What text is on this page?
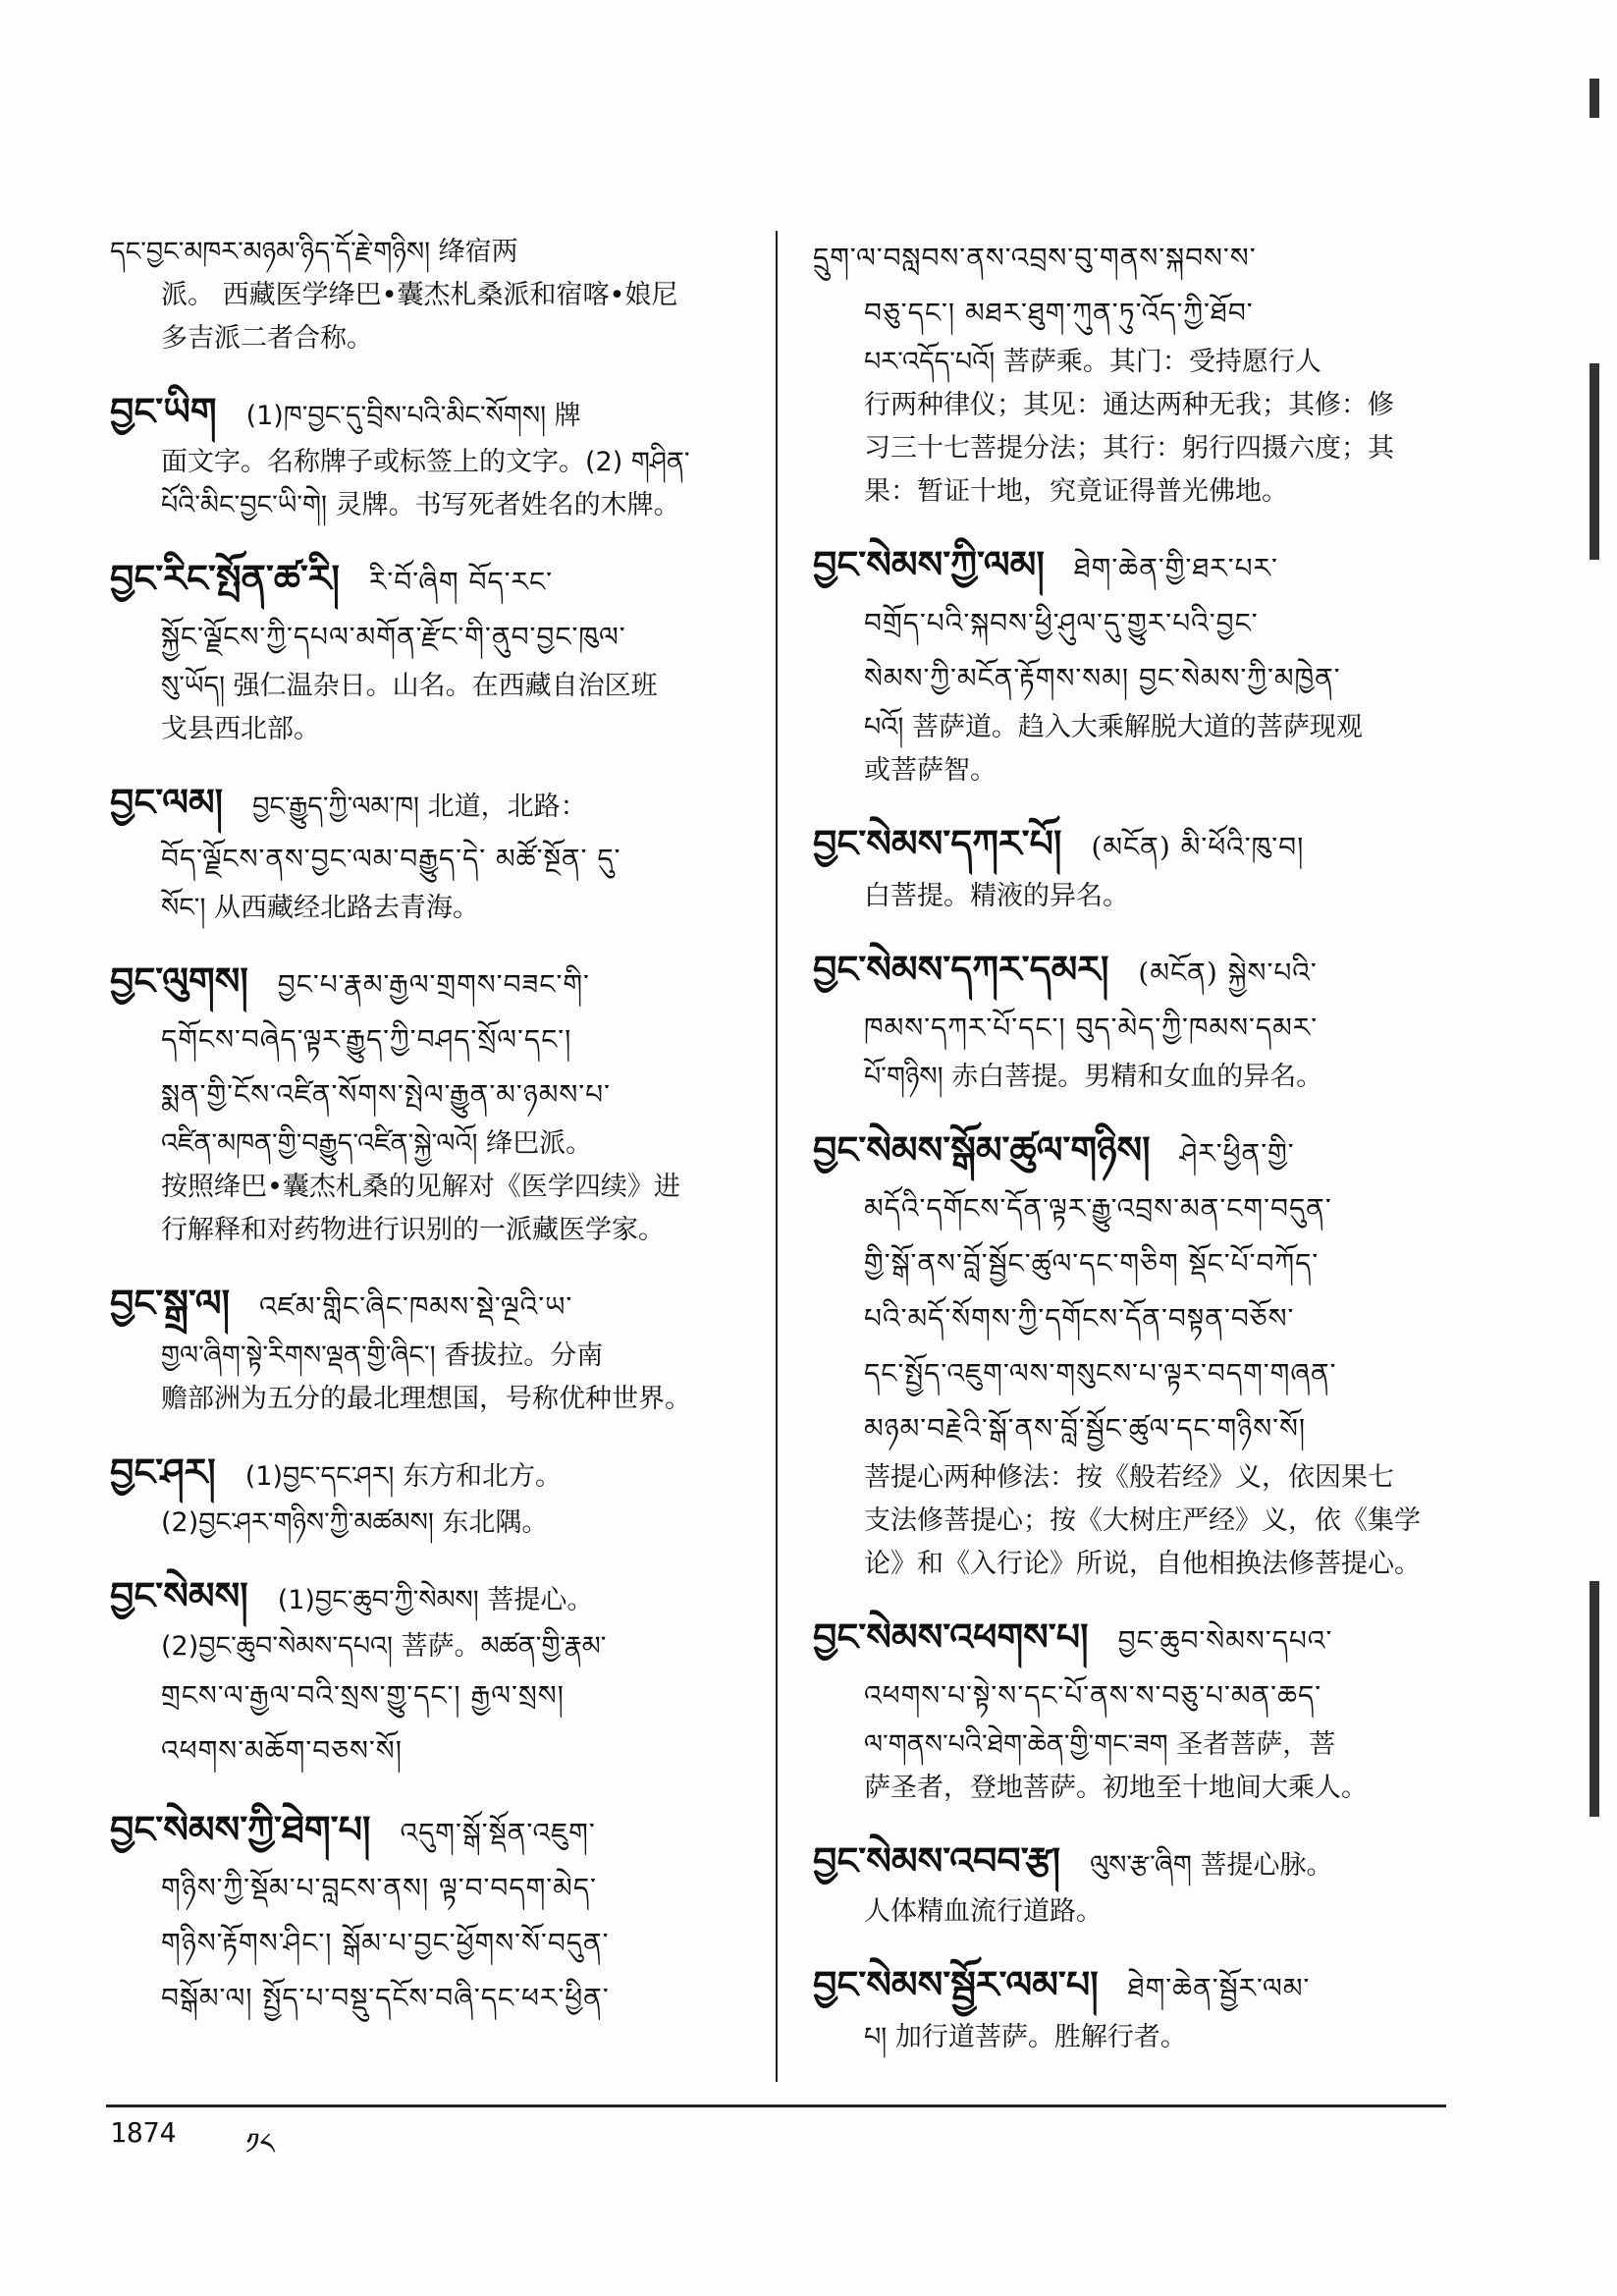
དང་བྱང་མཁར་མཉམ་ཉིད་དོ་རྗེ་གཉིས། 绛宿两
派。 西藏医学绛巴•囊杰札桑派和宿喀•娘尼
多吉派二者合称。
བྱང་ཡིག (1)ཁ་བྱང་དུ་བྲིས་པའི་མིང་སོགས། 牌
面文字。名称牌子或标签上的文字。(2) གཤིན་
པོའི་མིང་བྱང་ཡི་གེ། 灵牌。书写死者姓名的木牌。
བྱང་རིང་སྤོན་ཚ་རི། རི་བོ་ཞིག བོད་རང་
སྐྱོང་ལྗོངས་ཀྱི་དཔལ་མགོན་རྫོང་གི་ནུབ་བྱང་ཁུལ་
སུ་ཡོད། 强仁温杂日。山名。在西藏自治区班
戈县西北部。
བྱང་ལམ། བྱང་རྒྱུད་ཀྱི་ལམ་ཁ། 北道，北路：
བོད་ལྗོངས་ནས་བྱང་ལམ་བརྒྱུད་དེ་ མཚོ་སྔོན་ དུ་
སོང་། 从西藏经北路去青海。
བྱང་ལུགས། བྱང་པ་རྣམ་རྒྱལ་གྲགས་བཟང་གི་
དགོངས་བཞེད་ལྟར་རྒྱུད་ཀྱི་བཤད་སྲོལ་དང་།
སྨན་གྱི་ངོས་འཛིན་སོགས་སྤེལ་རྒྱུན་མ་ཉམས་པ་
འཛིན་མཁན་གྱི་བརྒྱུད་འཛིན་སྐྱེ་ལའོ། 绛巴派。
按照绛巴•囊杰札桑的见解对《医学四续》进
行解释和对药物进行识别的一派藏医学家。
བྱང་སྒྲ་ལ། འཛམ་གླིང་ཞིང་ཁམས་སྡེ་ལྔའི་ཡ་
གྱལ་ཞིག་སྟེ་རིགས་ལྡན་གྱི་ཞིང་། 香拔拉。分南
赡部洲为五分的最北理想国，号称优种世界。
བྱང་ཤར། (1)བྱང་དང་ཤར། 东方和北方。
(2)བྱང་ཤར་གཉིས་ཀྱི་མཚམས། 东北隅。
བྱང་སེམས། (1)བྱང་ཆུབ་ཀྱི་སེམས། 菩提心。
(2)བྱང་ཆུབ་སེམས་དཔའ། 菩萨。མཚན་གྱི་རྣམ་
གྲངས་ལ་རྒྱལ་བའི་སྲས་གྱུ་དང་། རྒྱལ་སྲས།
འཕགས་མཆོག་བཅས་སོ།
བྱང་སེམས་ཀྱི་ཐེག་པ། འདུག་སྒོ་སྡོན་འཇུག་
གཉིས་ཀྱི་སྡོམ་པ་བླངས་ནས། ལྟ་བ་བདག་མེད་
གཉིས་རྟོགས་ཤིང་། སྒོམ་པ་བྱང་ཕྱོགས་སོ་བདུན་
བསྒོམ་ལ། སྤྱོད་པ་བསྡུ་དངོས་བཞི་དང་ཕར་ཕྱིན་
དྲུག་ལ་བསླབས་ནས་འབྲས་བུ་གནས་སྐབས་ས་
བཅུ་དང་། མཐར་ཐུག་ཀུན་ཏུ་འོད་ཀྱི་ཐོབ་
པར་འདོད་པའོ། 菩萨乘。其门：受持愿行人
行两种律仪；其见：通达两种无我；其修：修
习三十七菩提分法；其行：躬行四摄六度；其
果：暂证十地，究竟证得普光佛地。
བྱང་སེམས་ཀྱི་ལམ། ཐེག་ཆེན་གྱི་ཐར་པར་
བགྲོད་པའི་སྐབས་ཕྱི་ཤུལ་དུ་གྱུར་པའི་བྱང་
སེམས་ཀྱི་མངོན་རྟོགས་སམ། བྱང་སེམས་ཀྱི་མཁྱེན་
པའོ། 菩萨道。趋入大乘解脱大道的菩萨现观
或菩萨智。
བྱང་སེམས་དཀར་པོ། (མངོན) མི་ཕོའི་ཁུ་བ།
白菩提。精液的异名。
བྱང་སེམས་དཀར་དམར། (མངོན) སྐྱེས་པའི་
ཁམས་དཀར་པོ་དང་། བུད་མེད་ཀྱི་ཁམས་དམར་
པོ་གཉིས། 赤白菩提。男精和女血的异名。
བྱང་སེམས་སྒོམ་ཚུལ་གཉིས། ཤེར་ཕྱིན་གྱི་
མདོའི་དགོངས་དོན་ལྟར་རྒྱུ་འབྲས་མན་ངག་བདུན་
གྱི་སྒོ་ནས་བློ་སྦྱོང་ཚུལ་དང་གཅིག སྡོང་པོ་བཀོད་
པའི་མདོ་སོགས་ཀྱི་དགོངས་དོན་བསྟན་བཅོས་
དང་སྤྱོད་འཇུག་ལས་གསུངས་པ་ལྟར་བདག་གཞན་
མཉམ་བརྗེའི་སྒོ་ནས་བློ་སྦྱོང་ཚུལ་དང་གཉིས་སོ།
菩提心两种修法：按《般若经》义，依因果七
支法修菩提心；按《大树庄严经》义，依《集学
论》和《入行论》所说，自他相换法修菩提心。
བྱང་སེམས་འཕགས་པ། བྱང་ཆུབ་སེམས་དཔའ་
འཕགས་པ་སྟེ་ས་དང་པོ་ནས་ས་བཅུ་པ་མན་ཆད་
ལ་གནས་པའི་ཐེག་ཆེན་གྱི་གང་ཟག 圣者菩萨，菩
萨圣者，登地菩萨。初地至十地间大乘人。
བྱང་སེམས་འབབ་རྩ། ལུས་རྩ་ཞིག 菩提心脉。
人体精血流行道路。
བྱང་སེམས་སྦྱོར་ལམ་པ། ཐེག་ཆེན་སྦྱོར་ལམ་
པ། 加行道菩萨。胜解行者。
1874 ༡༨
